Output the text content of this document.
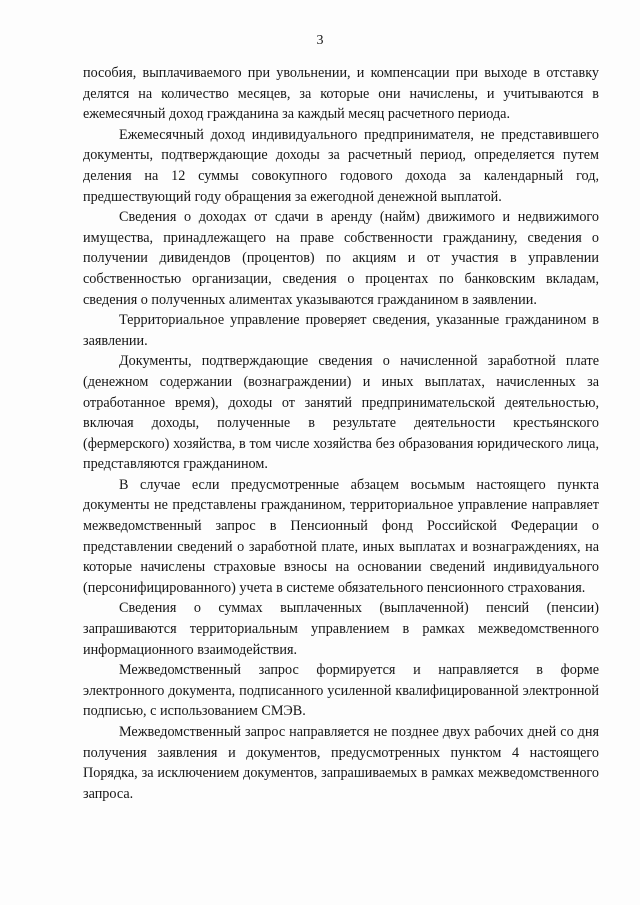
3

пособия, выплачиваемого при увольнении, и компенсации при выходе в отставку делятся на количество месяцев, за которые они начислены, и учитываются в ежемесячный доход гражданина за каждый месяц расчетного периода.

Ежемесячный доход индивидуального предпринимателя, не представившего документы, подтверждающие доходы за расчетный период, определяется путем деления на 12 суммы совокупного годового дохода за календарный год, предшествующий году обращения за ежегодной денежной выплатой.

Сведения о доходах от сдачи в аренду (найм) движимого и недвижимого имущества, принадлежащего на праве собственности гражданину, сведения о получении дивидендов (процентов) по акциям и от участия в управлении собственностью организации, сведения о процентах по банковским вкладам, сведения о полученных алиментах указываются гражданином в заявлении.

Территориальное управление проверяет сведения, указанные гражданином в заявлении.

Документы, подтверждающие сведения о начисленной заработной плате (денежном содержании (вознаграждении) и иных выплатах, начисленных за отработанное время), доходы от занятий предпринимательской деятельностью, включая доходы, полученные в результате деятельности крестьянского (фермерского) хозяйства, в том числе хозяйства без образования юридического лица, представляются гражданином.

В случае если предусмотренные абзацем восьмым настоящего пункта документы не представлены гражданином, территориальное управление направляет межведомственный запрос в Пенсионный фонд Российской Федерации о представлении сведений о заработной плате, иных выплатах и вознаграждениях, на которые начислены страховые взносы на основании сведений индивидуального (персонифицированного) учета в системе обязательного пенсионного страхования.

Сведения о суммах выплаченных (выплаченной) пенсий (пенсии) запрашиваются территориальным управлением в рамках межведомственного информационного взаимодействия.

Межведомственный запрос формируется и направляется в форме электронного документа, подписанного усиленной квалифицированной электронной подписью, с использованием СМЭВ.

Межведомственный запрос направляется не позднее двух рабочих дней со дня получения заявления и документов, предусмотренных пунктом 4 настоящего Порядка, за исключением документов, запрашиваемых в рамках межведомственного запроса.
